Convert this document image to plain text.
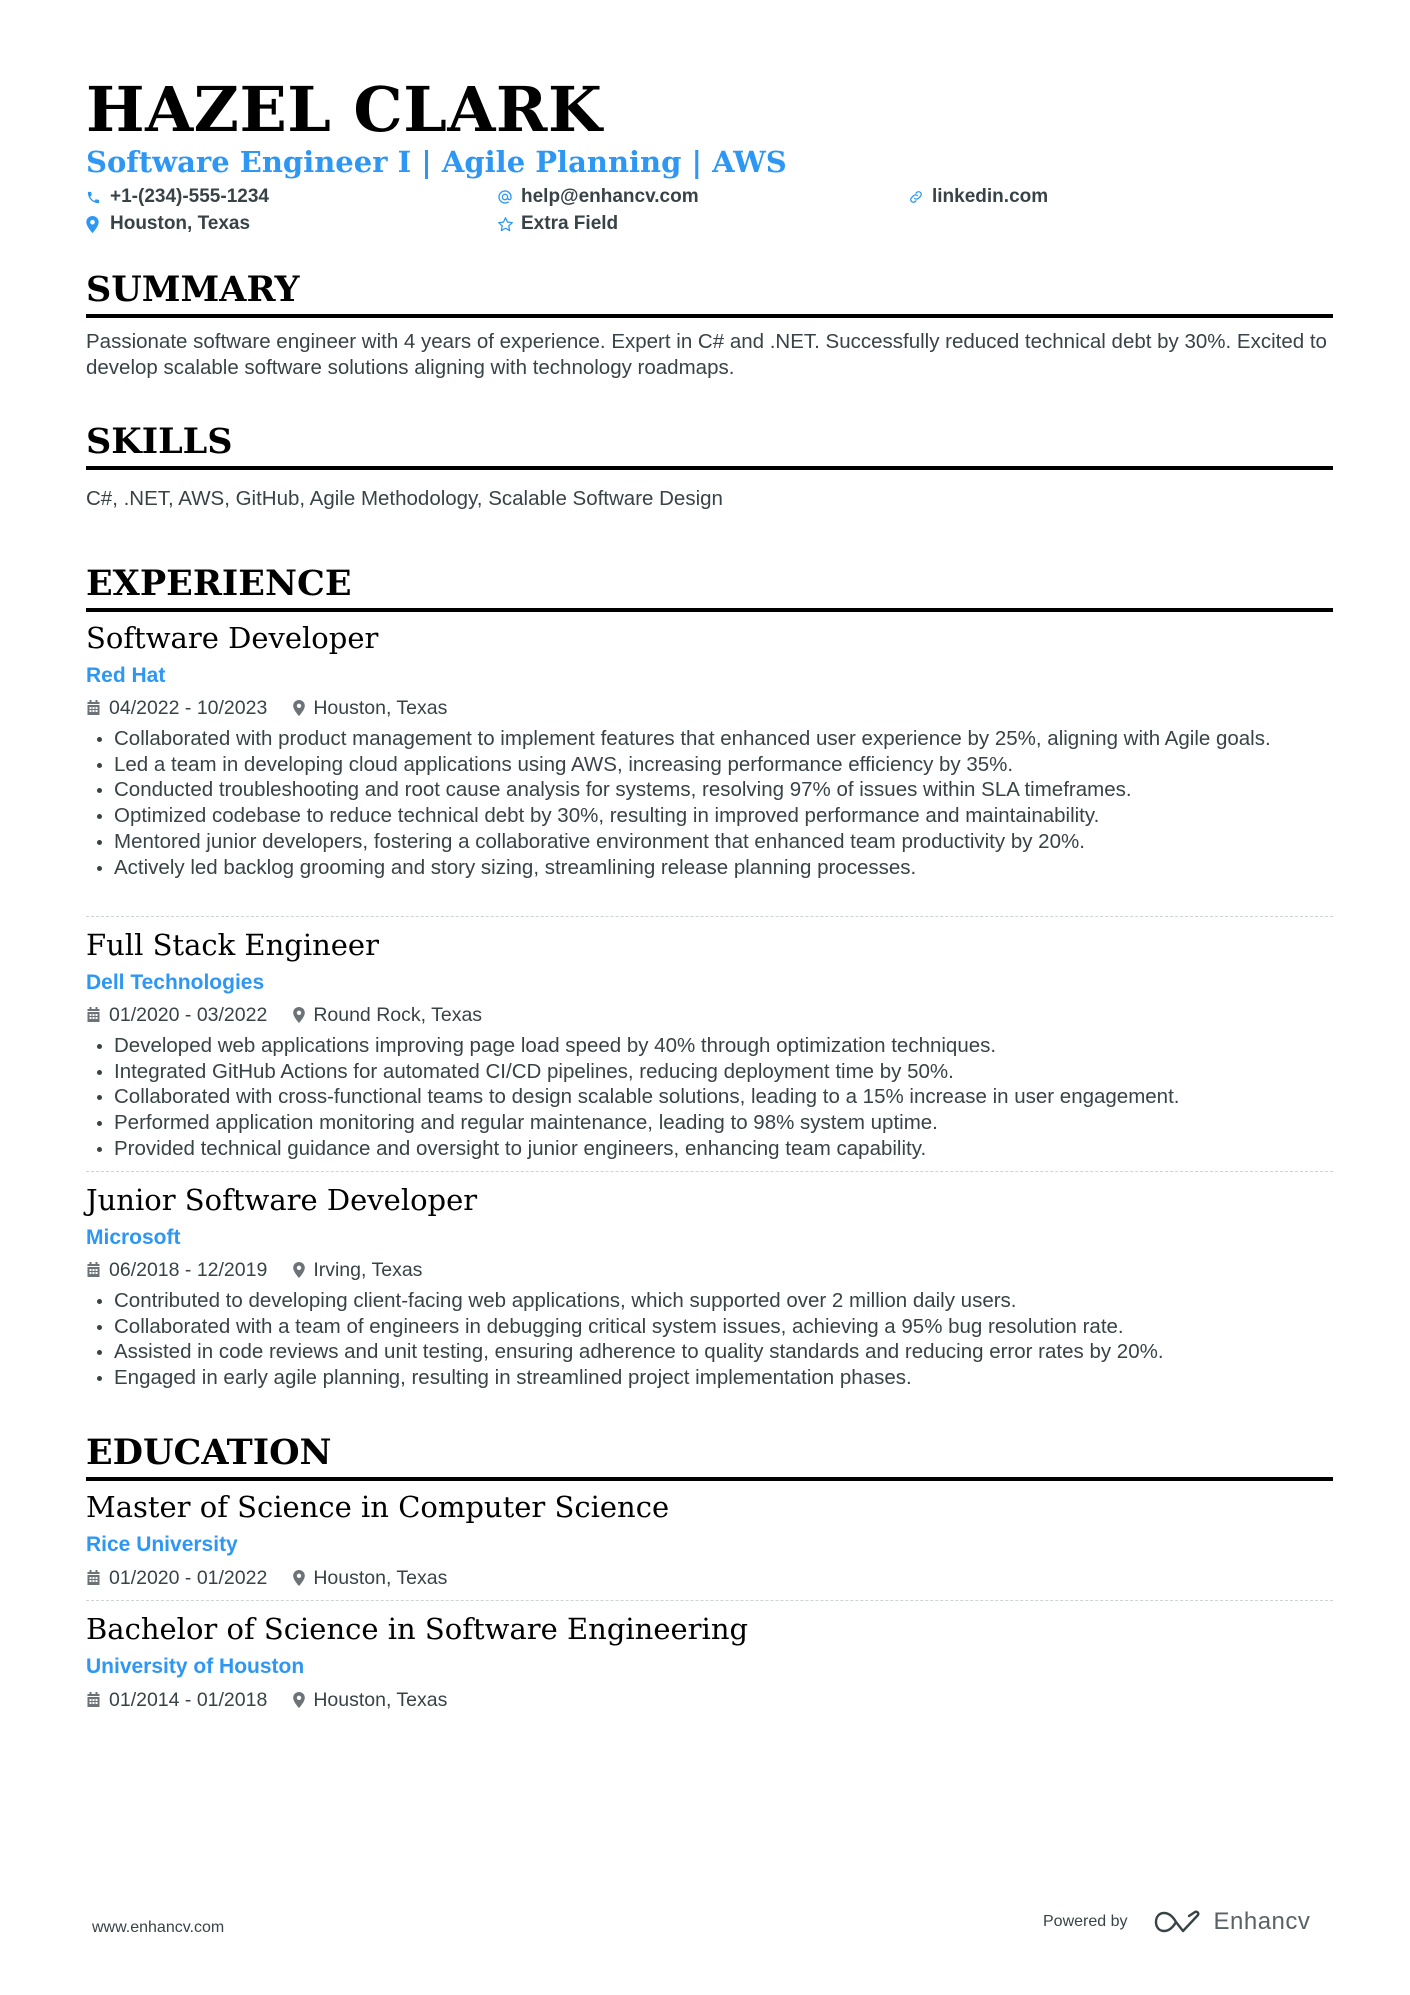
HAZEL CLARK
Software Engineer I | Agile Planning | AWS
+1-(234)-555-1234	help@enhancv.com	linkedin.com
Houston, Texas	Extra Field
SUMMARY
Passionate software engineer with 4 years of experience. Expert in C# and .NET. Successfully reduced technical debt by 30%. Excited to develop scalable software solutions aligning with technology roadmaps.
SKILLS
C#, .NET, AWS, GitHub, Agile Methodology, Scalable Software Design
EXPERIENCE
Software Developer
Red Hat
04/2022 - 10/2023 Houston, Texas
Collaborated with product management to implement features that enhanced user experience by 25%, aligning with Agile goals.
Led a team in developing cloud applications using AWS, increasing performance efficiency by 35%.
Conducted troubleshooting and root cause analysis for systems, resolving 97% of issues within SLA timeframes.
Optimized codebase to reduce technical debt by 30%, resulting in improved performance and maintainability.
Mentored junior developers, fostering a collaborative environment that enhanced team productivity by 20%.
Actively led backlog grooming and story sizing, streamlining release planning processes.
Full Stack Engineer
Dell Technologies
01/2020 - 03/2022 Round Rock, Texas
Developed web applications improving page load speed by 40% through optimization techniques.
Integrated GitHub Actions for automated CI/CD pipelines, reducing deployment time by 50%.
Collaborated with cross-functional teams to design scalable solutions, leading to a 15% increase in user engagement.
Performed application monitoring and regular maintenance, leading to 98% system uptime.
Provided technical guidance and oversight to junior engineers, enhancing team capability.
Junior Software Developer
Microsoft
06/2018 - 12/2019 Irving, Texas
Contributed to developing client-facing web applications, which supported over 2 million daily users.
Collaborated with a team of engineers in debugging critical system issues, achieving a 95% bug resolution rate.
Assisted in code reviews and unit testing, ensuring adherence to quality standards and reducing error rates by 20%.
Engaged in early agile planning, resulting in streamlined project implementation phases.
EDUCATION
Master of Science in Computer Science
Rice University
01/2020 - 01/2022 Houston, Texas
Bachelor of Science in Software Engineering
University of Houston
01/2014 - 01/2018 Houston, Texas
www.enhancv.com	Powered by	Enhancv
